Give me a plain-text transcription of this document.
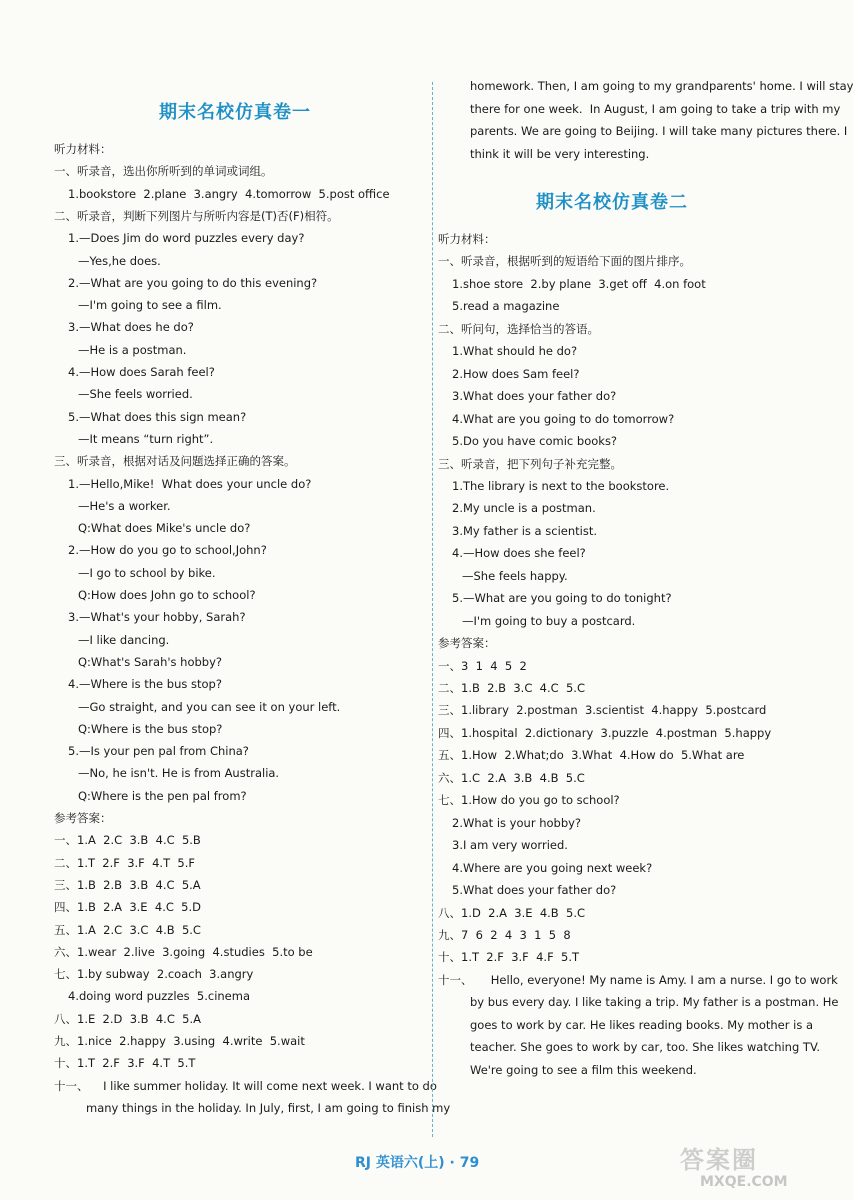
期末名校仿真卷一
听力材料：
一、听录音，选出你所听到的单词或词组。
1.bookstore  2.plane  3.angry  4.tomorrow  5.post office
二、听录音，判断下列图片与所听内容是(T)否(F)相符。
1.—Does Jim do word puzzles every day?
—Yes,he does.
2.—What are you going to do this evening?
—I'm going to see a film.
3.—What does he do?
—He is a postman.
4.—How does Sarah feel?
—She feels worried.
5.—What does this sign mean?
—It means “turn right”.
三、听录音，根据对话及问题选择正确的答案。
1.—Hello,Mike!  What does your uncle do?
—He's a worker.
Q:What does Mike's uncle do?
2.—How do you go to school,John?
—I go to school by bike.
Q:How does John go to school?
3.—What's your hobby, Sarah?
—I like dancing.
Q:What's Sarah's hobby?
4.—Where is the bus stop?
—Go straight, and you can see it on your left.
Q:Where is the bus stop?
5.—Is your pen pal from China?
—No, he isn't. He is from Australia.
Q:Where is the pen pal from?
参考答案：
一、1.A  2.C  3.B  4.C  5.B
二、1.T  2.F  3.F  4.T  5.F
三、1.B  2.B  3.B  4.C  5.A
四、1.B  2.A  3.E  4.C  5.D
五、1.A  2.C  3.C  4.B  5.C
六、1.wear  2.live  3.going  4.studies  5.to be
七、1.by subway  2.coach  3.angry
4.doing word puzzles  5.cinema
八、1.E  2.D  3.B  4.C  5.A
九、1.nice  2.happy  3.using  4.write  5.wait
十、1.T  2.F  3.F  4.T  5.T
十一、    I like summer holiday. It will come next week. I want to do
many things in the holiday. In July, first, I am going to finish my
homework. Then, I am going to my grandparents' home. I will stay
there for one week.  In August, I am going to take a trip with my
parents. We are going to Beijing. I will take many pictures there. I
think it will be very interesting.
期末名校仿真卷二
听力材料：
一、听录音，根据听到的短语给下面的图片排序。
1.shoe store  2.by plane  3.get off  4.on foot
5.read a magazine
二、听问句，选择恰当的答语。
1.What should he do?
2.How does Sam feel?
3.What does your father do?
4.What are you going to do tomorrow?
5.Do you have comic books?
三、听录音，把下列句子补充完整。
1.The library is next to the bookstore.
2.My uncle is a postman.
3.My father is a scientist.
4.—How does she feel?
—She feels happy.
5.—What are you going to do tonight?
—I'm going to buy a postcard.
参考答案：
一、3  1  4  5  2
二、1.B  2.B  3.C  4.C  5.C
三、1.library  2.postman  3.scientist  4.happy  5.postcard
四、1.hospital  2.dictionary  3.puzzle  4.postman  5.happy
五、1.How  2.What;do  3.What  4.How do  5.What are
六、1.C  2.A  3.B  4.B  5.C
七、1.How do you go to school?
2.What is your hobby?
3.I am very worried.
4.Where are you going next week?
5.What does your father do?
八、1.D  2.A  3.E  4.B  5.C
九、7  6  2  4  3  1  5  8
十、1.T  2.F  3.F  4.F  5.T
十一、     Hello, everyone! My name is Amy. I am a nurse. I go to work
by bus every day. I like taking a trip. My father is a postman. He
goes to work by car. He likes reading books. My mother is a
teacher. She goes to work by car, too. She likes watching TV.
We're going to see a film this weekend.
RJ 英语六(上) · 79	答案圈
MXQE.COM
